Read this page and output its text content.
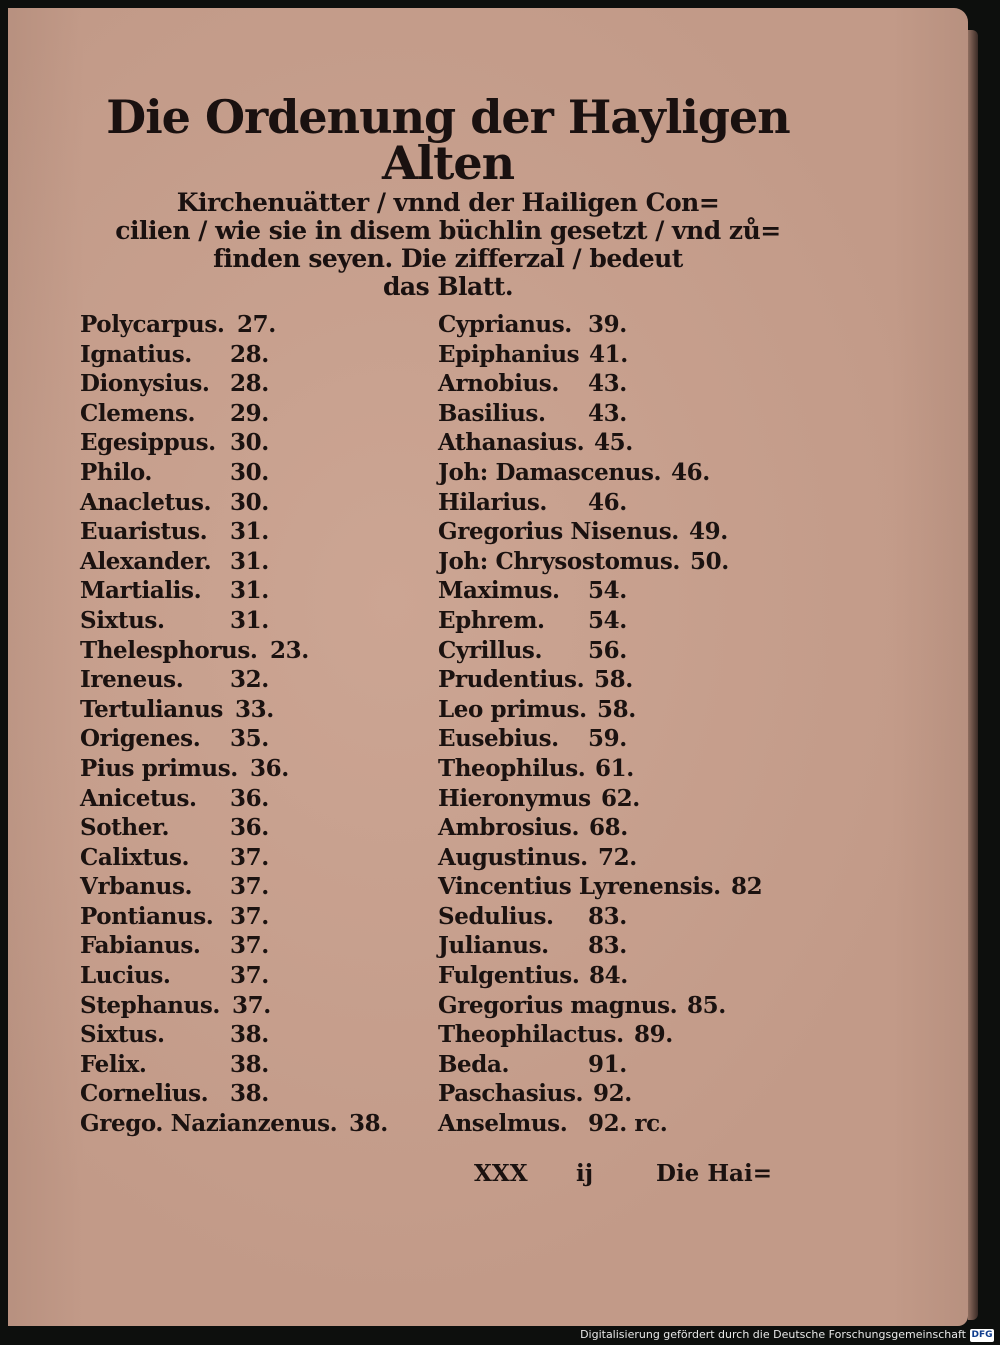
Die Ordenung der Hayligen Alten
Kirchenuätter / vnnd der Hailigen Con=
cilien / wie sie in disem büchlin gesetzt / vnd zů=
finden seyen. Die zifferzal / bedeut
das Blatt.
Polycarpus. 27.
Ignatius. 28.
Dionysius. 28.
Clemens. 29.
Egesippus. 30.
Philo.	30.
Anacletus. 30.
Euaristus. 31.
Alexander. 31.
Martialis. 31.
Sixtus.	31.
Thelesphorus. 23.
Ireneus. 32.
Tertulianus 33.
Origenes. 35.
Pius primus. 36.
Anicetus. 36.
Sother.	36.
Calixtus. 37.
Vrbanus. 37.
Pontianus. 37.
Fabianus. 37.
Lucius.	37.
Stephanus. 37.
Sixtus.	38.
Felix.	38.
Cornelius. 38.
Grego. Nazianzenus. 38.
Cyprianus. 39.
Epiphanius 41.
Arnobius. 43.
Basilius. 43.
Athanasius. 45.
Joh: Damascenus. 46.
Hilarius. 46.
Gregorius Nisenus. 49.
Joh: Chrysostomus. 50.
Maximus. 54.
Ephrem. 54.
Cyrillus. 56.
Prudentius. 58.
Leo primus. 58.
Eusebius. 59.
Theophilus. 61.
Hieronymus 62.
Ambrosius. 68.
Augustinus. 72.
Vincentius Lyrenensis. 82
Sedulius. 83.
Julianus. 83.
Fulgentius. 84.
Gregorius magnus. 85.
Theophilactus. 89.
Beda.	91.
Paschasius. 92.
Anselmus. 92. rc.
XXX ij	Die Hai=
Digitalisierung gefördert durch die Deutsche Forschungsgemeinschaft DFG
